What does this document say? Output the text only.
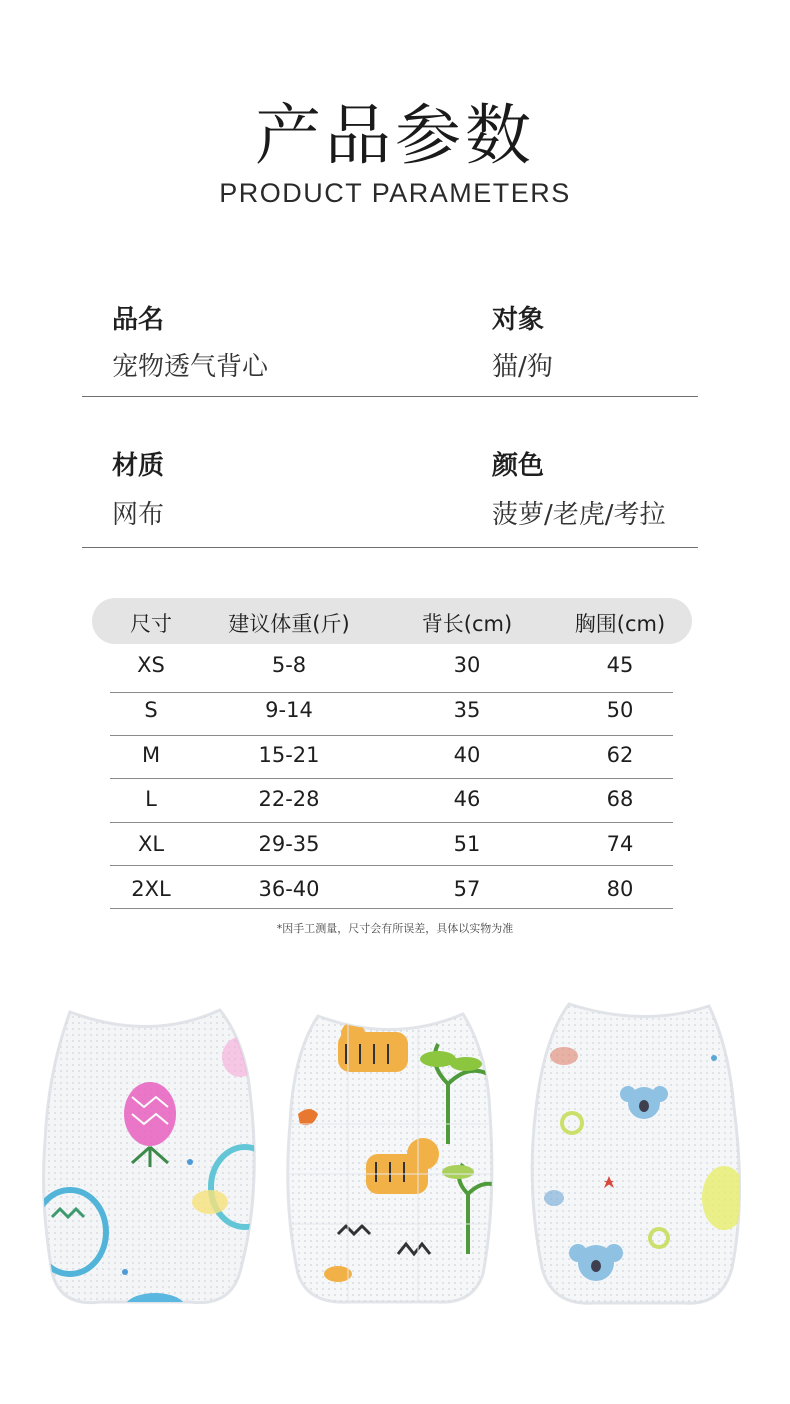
产品参数
PRODUCT PARAMETERS
品名
宠物透气背心
对象
猫/狗
材质
网布
颜色
菠萝/老虎/考拉
尺寸	建议体重(斤)	背长(cm)	胸围(cm)
XS	5-8	30	45
S	9-14	35	50
M	15-21	40	62
L	22-28	46	68
XL	29-35	51	74
2XL	36-40	57	80
*因手工测量，尺寸会有所误差，具体以实物为准
